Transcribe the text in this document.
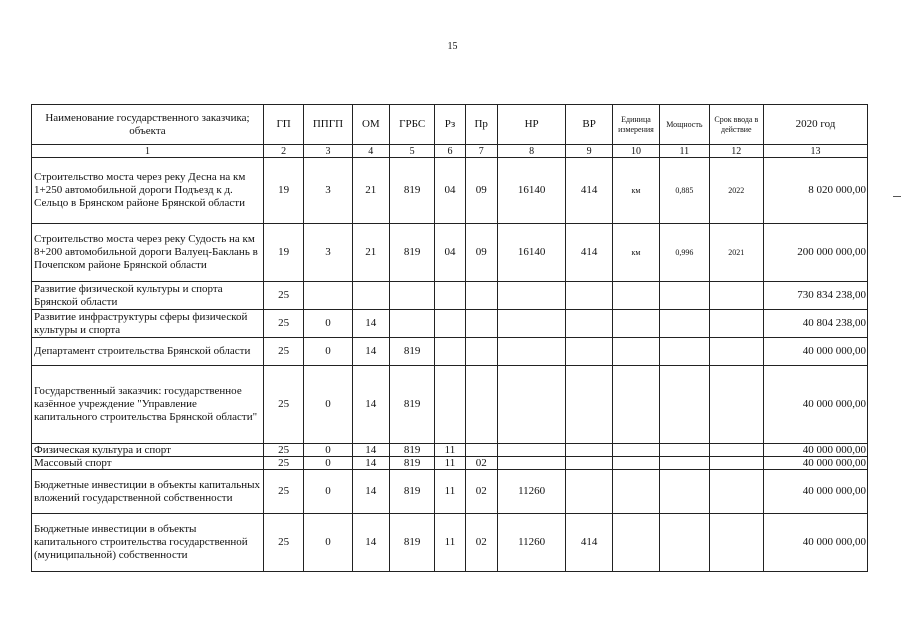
15
Наименование государственного заказчика; объекта	ГП	ППГП	ОМ	ГРБС	Рз	Пр	НР	ВР	Единица измерения	Мощность	Срок ввода в действие	2020 год
1	2	3	4	5	6	7	8	9	10	11	12	13
Строительство моста через реку Десна на км 1+250 автомобильной дороги Подъезд к д. Сельцо в Брянском районе Брянской области	19	3	21	819	04	09	16140	414	км	0,885	2022	8 020 000,00
Строительство моста через реку Судость на км 8+200 автомобильной дороги Валуец-Баклань в Почепском районе Брянской области	19	3	21	819	04	09	16140	414	км	0,996	2021	200 000 000,00
Развитие физической культуры и спорта Брянской области	25											730 834 238,00
Развитие инфраструктуры сферы физической культуры и спорта	25	0	14									40 804 238,00
Департамент строительства Брянской области	25	0	14	819								40 000 000,00
Государственный заказчик: государственное казённое учреждение "Управление капитального строительства Брянской области"	25	0	14	819								40 000 000,00
Физическая культура и спорт	25	0	14	819	11							40 000 000,00
Массовый спорт	25	0	14	819	11	02						40 000 000,00
Бюджетные инвестиции в объекты капитальных вложений государственной собственности	25	0	14	819	11	02	11260					40 000 000,00
Бюджетные инвестиции в объекты капитального строительства государственной (муниципальной) собственности	25	0	14	819	11	02	11260	414				40 000 000,00
